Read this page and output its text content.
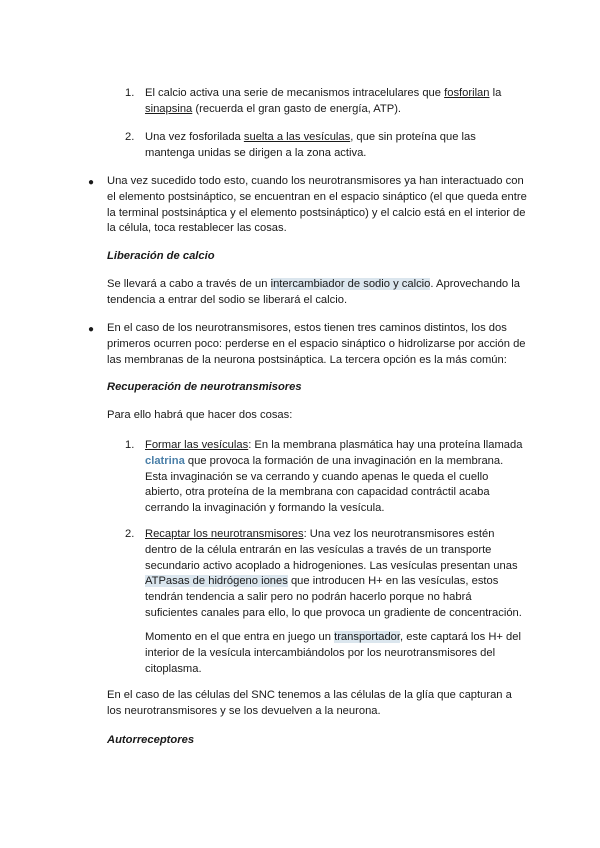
1. El calcio activa una serie de mecanismos intracelulares que fosforilan la sinapsina (recuerda el gran gasto de energía, ATP).

2. Una vez fosforilada suelta a las vesículas, que sin proteína que las mantenga unidas se dirigen a la zona activa.

● Una vez sucedido todo esto, cuando los neurotransmisores ya han interactuado con el elemento postsináptico, se encuentran en el espacio sináptico (el que queda entre la terminal postsináptica y el elemento postsináptico) y el calcio está en el interior de la célula, toca restablecer las cosas.

Liberación de calcio

Se llevará a cabo a través de un intercambiador de sodio y calcio. Aprovechando la tendencia a entrar del sodio se liberará el calcio.

● En el caso de los neurotransmisores, estos tienen tres caminos distintos, los dos primeros ocurren poco: perderse en el espacio sináptico o hidrolizarse por acción de las membranas de la neurona postsináptica. La tercera opción es la más común:

Recuperación de neurotransmisores

Para ello habrá que hacer dos cosas:

1. Formar las vesículas: En la membrana plasmática hay una proteína llamada clatrina que provoca la formación de una invaginación en la membrana. Esta invaginación se va cerrando y cuando apenas le queda el cuello abierto, otra proteína de la membrana con capacidad contráctil acaba cerrando la invaginación y formando la vesícula.

2. Recaptar los neurotransmisores: Una vez los neurotransmisores estén dentro de la célula entrarán en las vesículas a través de un transporte secundario activo acoplado a hidrogeniones. Las vesículas presentan unas ATPasas de hidrógeno iones que introducen H+ en las vesículas, estos tendrán tendencia a salir pero no podrán hacerlo porque no habrá suficientes canales para ello, lo que provoca un gradiente de concentración.

Momento en el que entra en juego un transportador, este captará los H+ del interior de la vesícula intercambiándolos por los neurotransmisores del citoplasma.

En el caso de las células del SNC tenemos a las células de la glía que capturan a los neurotransmisores y se los devuelven a la neurona.

Autorreceptores
